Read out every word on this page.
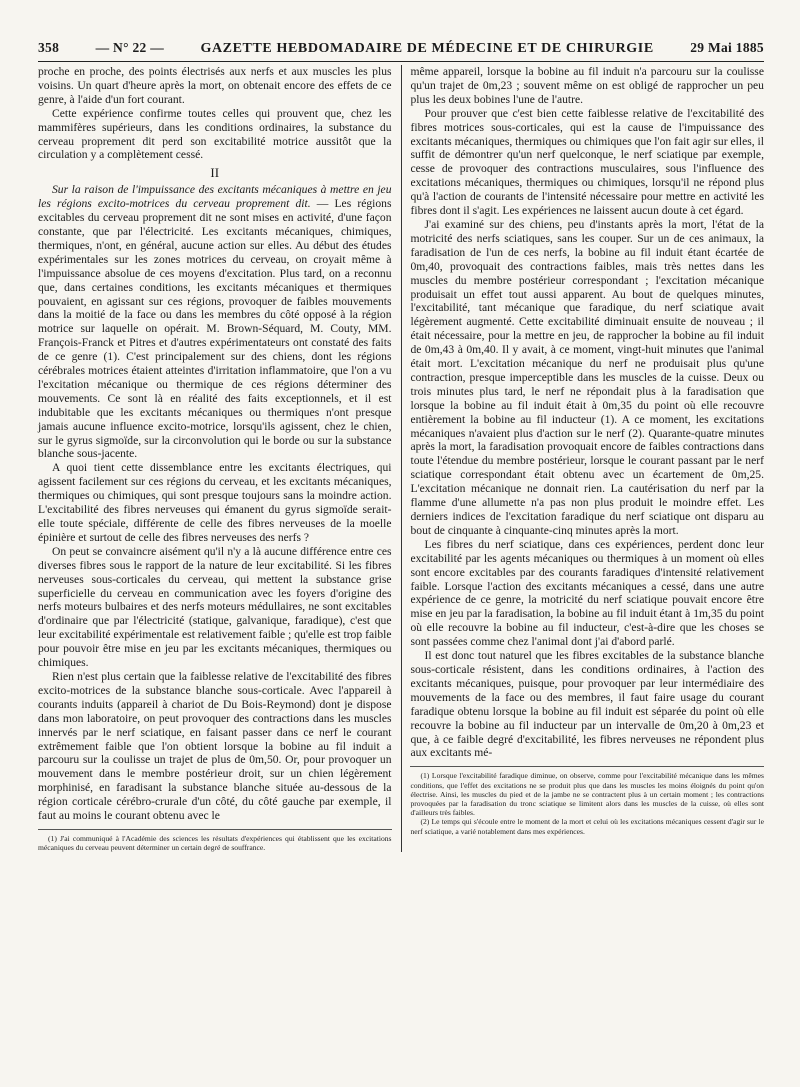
358	— N° 22 —	GAZETTE HEBDOMADAIRE DE MÉDECINE ET DE CHIRURGIE	29 Mai 1885

proche en proche, des points électrisés aux nerfs et aux muscles les plus voisins. Un quart d'heure après la mort, on obtenait encore des effets de ce genre, à l'aide d'un fort courant.

Cette expérience confirme toutes celles qui prouvent que, chez les mammifères supérieurs, dans les conditions ordinaires, la substance du cerveau proprement dit perd son excitabilité motrice aussitôt que la circulation y a complètement cessé.

II

Sur la raison de l'impuissance des excitants mécaniques à mettre en jeu les régions excito-motrices du cerveau proprement dit. — Les régions excitables du cerveau proprement dit ne sont mises en activité, d'une façon constante, que par l'électricité. Les excitants mécaniques, chimiques, thermiques, n'ont, en général, aucune action sur elles. Au début des études expérimentales sur les zones motrices du cerveau, on croyait même à l'impuissance absolue de ces moyens d'excitation. Plus tard, on a reconnu que, dans certaines conditions, les excitants mécaniques et thermiques pouvaient, en agissant sur ces régions, provoquer de faibles mouvements dans la moitié de la face ou dans les membres du côté opposé à la région motrice sur laquelle on opérait. M. Brown-Séquard, M. Couty, MM. François-Franck et Pitres et d'autres expérimentateurs ont constaté des faits de ce genre (1). C'est principalement sur des chiens, dont les régions cérébrales motrices étaient atteintes d'irritation inflammatoire, que l'on a vu l'excitation mécanique ou thermique de ces régions déterminer des mouvements. Ce sont là en réalité des faits exceptionnels, et il est indubitable que les excitants mécaniques ou thermiques n'ont presque jamais aucune influence excito-motrice, lorsqu'ils agissent, chez le chien, sur le gyrus sigmoïde, sur la circonvolution qui le borde ou sur la substance blanche sous-jacente.

A quoi tient cette dissemblance entre les excitants électriques, qui agissent facilement sur ces régions du cerveau, et les excitants mécaniques, thermiques ou chimiques, qui sont presque toujours sans la moindre action. L'excitabilité des fibres nerveuses qui émanent du gyrus sigmoïde serait-elle toute spéciale, différente de celle des fibres nerveuses de la moelle épinière et surtout de celle des fibres nerveuses des nerfs ?

On peut se convaincre aisément qu'il n'y a là aucune différence entre ces diverses fibres sous le rapport de la nature de leur excitabilité. Si les fibres nerveuses sous-corticales du cerveau, qui mettent la substance grise superficielle du cerveau en communication avec les foyers d'origine des nerfs moteurs bulbaires et des nerfs moteurs médullaires, ne sont excitables d'ordinaire que par l'électricité (statique, galvanique, faradique), c'est que leur excitabilité expérimentale est relativement faible ; qu'elle est trop faible pour pouvoir être mise en jeu par les excitants mécaniques, thermiques ou chimiques.

Rien n'est plus certain que la faiblesse relative de l'excitabilité des fibres excito-motrices de la substance blanche sous-corticale. Avec l'appareil à courants induits (appareil à chariot de Du Bois-Reymond) dont je dispose dans mon laboratoire, on peut provoquer des contractions dans les muscles innervés par le nerf sciatique, en faisant passer dans ce nerf le courant extrêmement faible que l'on obtient lorsque la bobine au fil induit a parcouru sur la coulisse un trajet de plus de 0m,50. Or, pour provoquer un mouvement dans le membre postérieur droit, sur un chien légèrement morphinisé, en faradisant la substance blanche située au-dessous de la région corticale cérébro-crurale d'un côté, du côté gauche par exemple, il faut au moins le courant obtenu avec le

(1) J'ai communiqué à l'Académie des sciences les résultats d'expériences qui établissent que les excitations mécaniques du cerveau peuvent déterminer un certain degré de souffrance.

même appareil, lorsque la bobine au fil induit n'a parcouru sur la coulisse qu'un trajet de 0m,23 ; souvent même on est obligé de rapprocher un peu plus les deux bobines l'une de l'autre.

Pour prouver que c'est bien cette faiblesse relative de l'excitabilité des fibres motrices sous-corticales, qui est la cause de l'impuissance des excitants mécaniques, thermiques ou chimiques que l'on fait agir sur elles, il suffit de démontrer qu'un nerf quelconque, le nerf sciatique par exemple, cesse de provoquer des contractions musculaires, sous l'influence des excitations mécaniques, thermiques ou chimiques, lorsqu'il ne répond plus qu'à l'action de courants de l'intensité nécessaire pour mettre en activité les fibres dont il s'agit. Les expériences ne laissent aucun doute à cet égard.

J'ai examiné sur des chiens, peu d'instants après la mort, l'état de la motricité des nerfs sciatiques, sans les couper. Sur un de ces animaux, la faradisation de l'un de ces nerfs, la bobine au fil induit étant écartée de 0m,40, provoquait des contractions faibles, mais très nettes dans les muscles du membre postérieur correspondant ; l'excitation mécanique produisait un effet tout aussi apparent. Au bout de quelques minutes, l'excitabilité, tant mécanique que faradique, du nerf sciatique avait légèrement augmenté. Cette excitabilité diminuait ensuite de nouveau ; il était nécessaire, pour la mettre en jeu, de rapprocher la bobine au fil induit de 0m,43 à 0m,40. Il y avait, à ce moment, vingt-huit minutes que l'animal était mort. L'excitation mécanique du nerf ne produisait plus qu'une contraction, presque imperceptible dans les muscles de la cuisse. Deux ou trois minutes plus tard, le nerf ne répondait plus à la faradisation que lorsque la bobine au fil induit était à 0m,35 du point où elle recouvre entièrement la bobine au fil inducteur (1). A ce moment, les excitations mécaniques n'avaient plus d'action sur le nerf (2). Quarante-quatre minutes après la mort, la faradisation provoquait encore de faibles contractions dans toute l'étendue du membre postérieur, lorsque le courant passant par le nerf sciatique correspondant était obtenu avec un écartement de 0m,25. L'excitation mécanique ne donnait rien. La cautérisation du nerf par la flamme d'une allumette n'a pas non plus produit le moindre effet. Les derniers indices de l'excitation faradique du nerf sciatique ont disparu au bout de cinquante à cinquante-cinq minutes après la mort.

Les fibres du nerf sciatique, dans ces expériences, perdent donc leur excitabilité par les agents mécaniques ou thermiques à un moment où elles sont encore excitables par des courants faradiques d'intensité relativement faible. Lorsque l'action des excitants mécaniques a cessé, dans une autre expérience de ce genre, la motricité du nerf sciatique pouvait encore être mise en jeu par la faradisation, la bobine au fil induit étant à 1m,35 du point où elle recouvre la bobine au fil inducteur, c'est-à-dire que les choses se sont passées comme chez l'animal dont j'ai d'abord parlé.

Il est donc tout naturel que les fibres excitables de la substance blanche sous-corticale résistent, dans les conditions ordinaires, à l'action des excitants mécaniques, puisque, pour provoquer par leur intermédiaire des mouvements de la face ou des membres, il faut faire usage du courant faradique obtenu lorsque la bobine au fil induit est séparée du point où elle recouvre la bobine au fil inducteur par un intervalle de 0m,20 à 0m,23 et que, à ce faible degré d'excitabilité, les fibres nerveuses ne répondent plus aux excitants mé-

(1) Lorsque l'excitabilité faradique diminue, on observe, comme pour l'excitabilité mécanique dans les mêmes conditions, que l'effet des excitations ne se produit plus que dans les muscles les moins éloignés du point qu'on électrise. Ainsi, les muscles du pied et de la jambe ne se contractent plus à un certain moment ; les contractions provoquées par la faradisation du tronc sciatique se limitent alors dans les muscles de la cuisse, où elles sont d'ailleurs très faibles.

(2) Le temps qui s'écoule entre le moment de la mort et celui où les excitations mécaniques cessent d'agir sur le nerf sciatique, a varié notablement dans mes expériences.
